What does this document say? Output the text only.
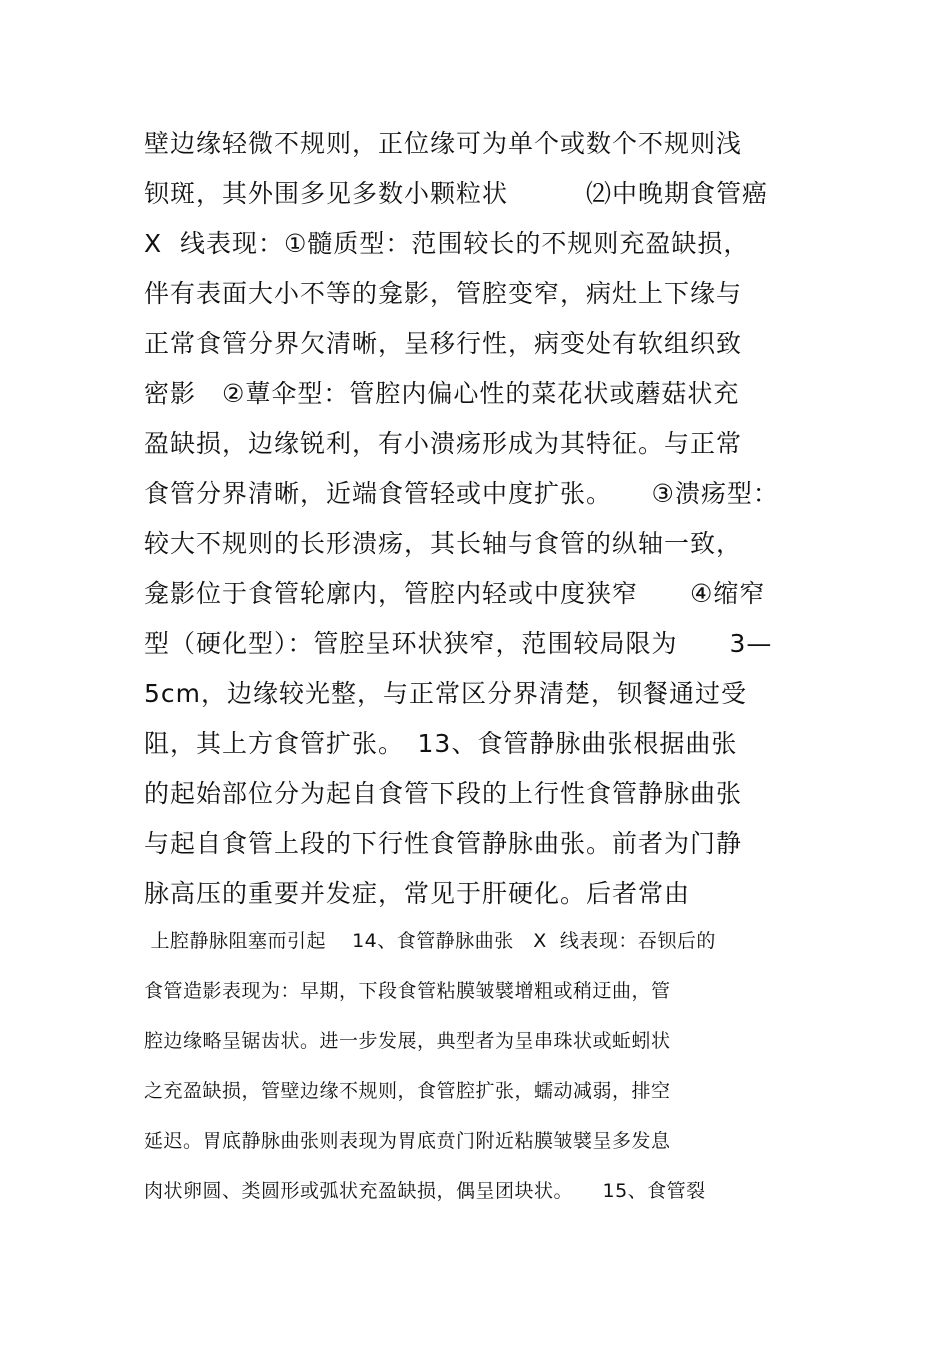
壁边缘轻微不规则，正位缘可为单个或数个不规则浅
钡斑，其外围多见多数小颗粒状　　　⑵中晚期食管癌
X  线表现：①髓质型：范围较长的不规则充盈缺损，
伴有表面大小不等的龛影，管腔变窄，病灶上下缘与
正常食管分界欠清晰，呈移行性，病变处有软组织致
密影　②蕈伞型：管腔内偏心性的菜花状或蘑菇状充
盈缺损，边缘锐利，有小溃疡形成为其特征。与正常
食管分界清晰，近端食管轻或中度扩张。　　③溃疡型：
较大不规则的长形溃疡，其长轴与食管的纵轴一致，
龛影位于食管轮廓内，管腔内轻或中度狭窄　　④缩窄
型（硬化型）：管腔呈环状狭窄，范围较局限为　　3—
5cm，边缘较光整，与正常区分界清楚，钡餐通过受
阻，其上方食管扩张。　13、食管静脉曲张根据曲张
的起始部位分为起自食管下段的上行性食管静脉曲张
与起自食管上段的下行性食管静脉曲张。前者为门静
脉高压的重要并发症，常见于肝硬化。后者常由
上腔静脉阻塞而引起　 14、食管静脉曲张　X  线表现：吞钡后的
食管造影表现为：早期，下段食管粘膜皱襞增粗或稍迂曲，管
腔边缘略呈锯齿状。进一步发展，典型者为呈串珠状或蚯蚓状
之充盈缺损，管壁边缘不规则，食管腔扩张，蠕动减弱，排空
延迟。胃底静脉曲张则表现为胃底贲门附近粘膜皱襞呈多发息
肉状卵圆、类圆形或弧状充盈缺损，偶呈团块状。　　15、食管裂
